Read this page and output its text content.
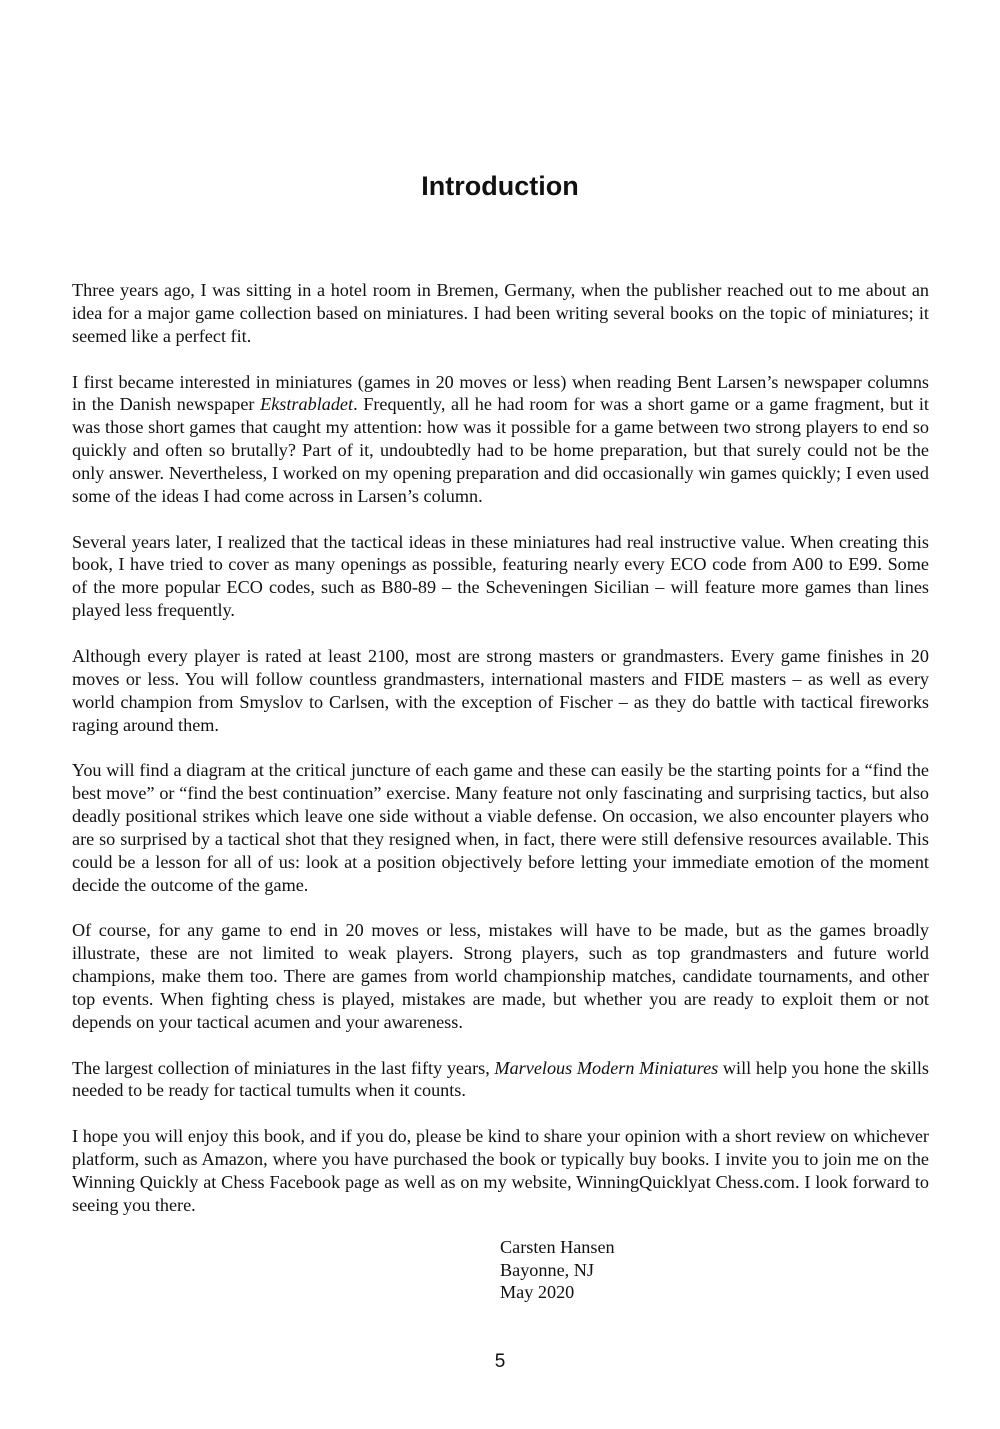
Introduction

Three years ago, I was sitting in a hotel room in Bremen, Germany, when the publisher reached out to me about an idea for a major game collection based on miniatures. I had been writing several books on the topic of miniatures; it seemed like a perfect fit.

I first became interested in miniatures (games in 20 moves or less) when reading Bent Larsen’s newspaper columns in the Danish newspaper Ekstrabladet. Frequently, all he had room for was a short game or a game fragment, but it was those short games that caught my attention: how was it possible for a game between two strong players to end so quickly and often so brutally? Part of it, undoubtedly had to be home preparation, but that surely could not be the only answer. Nevertheless, I worked on my opening preparation and did occasionally win games quickly; I even used some of the ideas I had come across in Larsen’s column.

Several years later, I realized that the tactical ideas in these miniatures had real instructive value. When creating this book, I have tried to cover as many openings as possible, featuring nearly every ECO code from A00 to E99. Some of the more popular ECO codes, such as B80-89 – the Scheveningen Sicilian – will feature more games than lines played less frequently.

Although every player is rated at least 2100, most are strong masters or grandmasters. Every game finishes in 20 moves or less. You will follow countless grandmasters, international masters and FIDE masters – as well as every world champion from Smyslov to Carlsen, with the exception of Fischer – as they do battle with tactical fireworks raging around them.

You will find a diagram at the critical juncture of each game and these can easily be the starting points for a “find the best move” or “find the best continuation” exercise. Many feature not only fascinating and surprising tactics, but also deadly positional strikes which leave one side without a viable defense. On occasion, we also encounter players who are so surprised by a tactical shot that they resigned when, in fact, there were still defensive resources available. This could be a lesson for all of us: look at a position objectively before letting your immediate emotion of the moment decide the outcome of the game.

Of course, for any game to end in 20 moves or less, mistakes will have to be made, but as the games broadly illustrate, these are not limited to weak players. Strong players, such as top grandmasters and future world champions, make them too. There are games from world championship matches, candidate tournaments, and other top events. When fighting chess is played, mistakes are made, but whether you are ready to exploit them or not depends on your tactical acumen and your awareness.

The largest collection of miniatures in the last fifty years, Marvelous Modern Miniatures will help you hone the skills needed to be ready for tactical tumults when it counts.

I hope you will enjoy this book, and if you do, please be kind to share your opinion with a short review on whichever platform, such as Amazon, where you have purchased the book or typically buy books. I invite you to join me on the Winning Quickly at Chess Facebook page as well as on my website, WinningQuicklyat Chess.com. I look forward to seeing you there.

Carsten Hansen
Bayonne, NJ
May 2020
5
